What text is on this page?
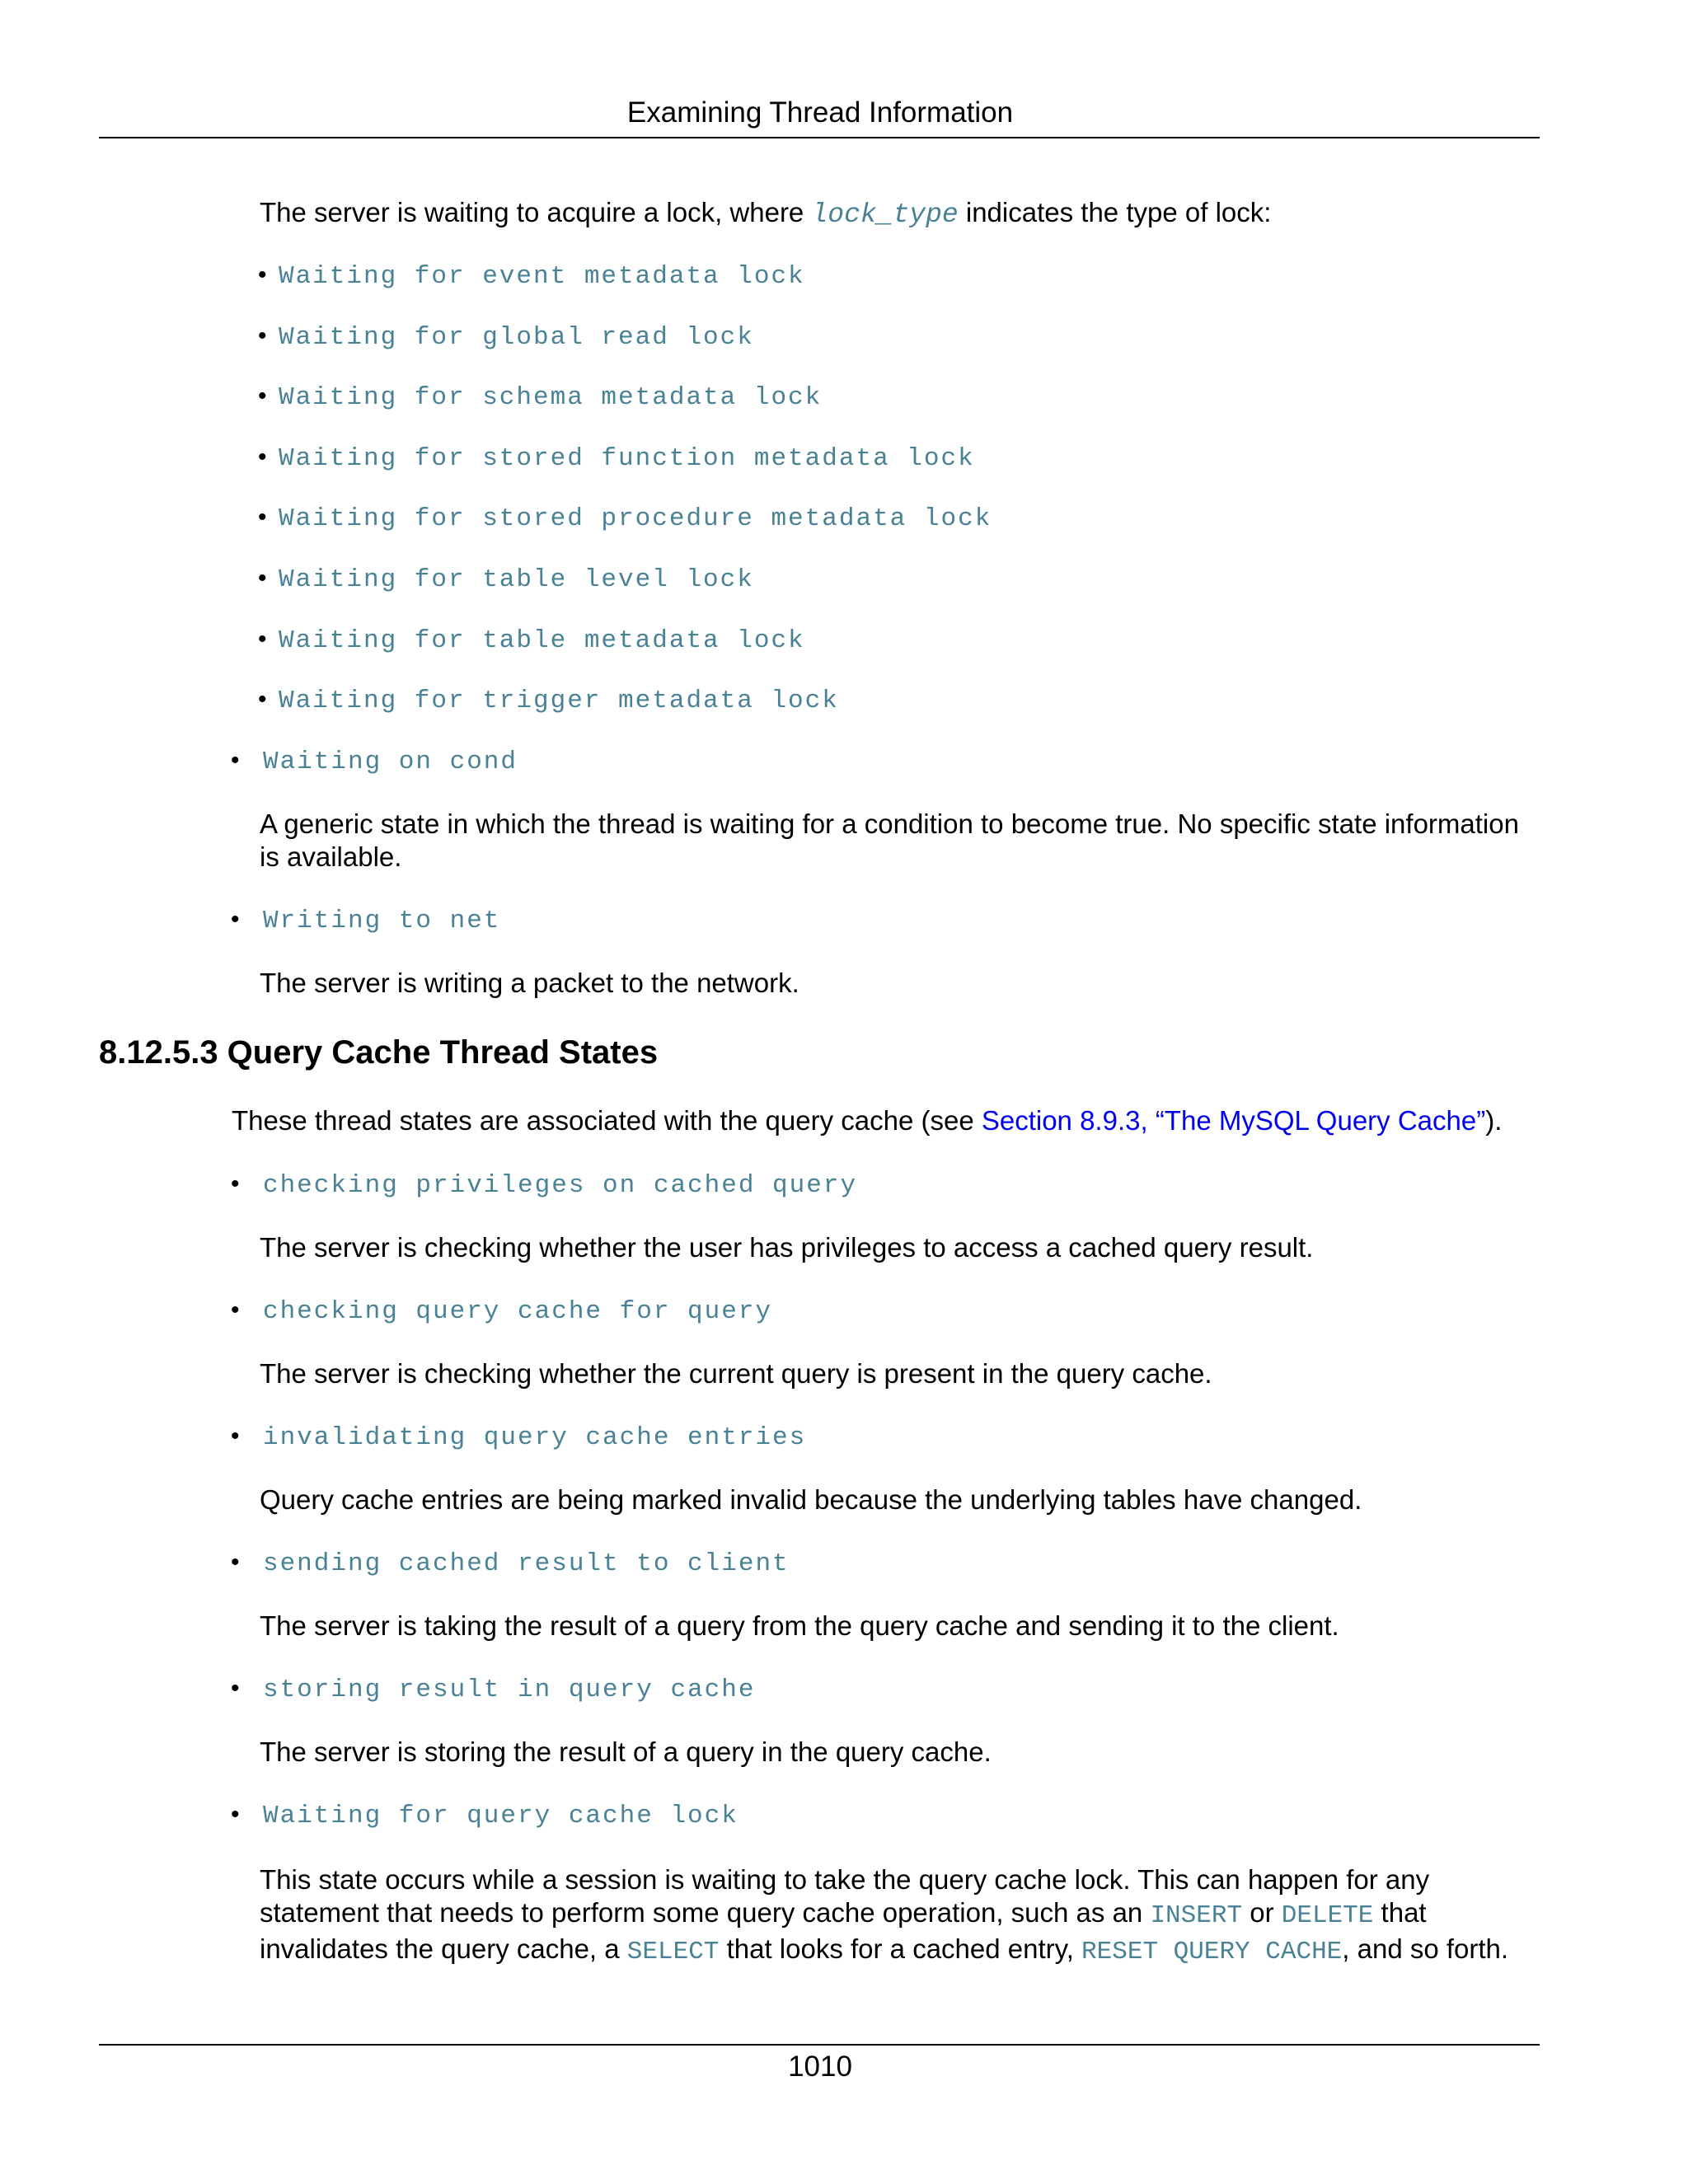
Examining Thread Information
The server is waiting to acquire a lock, where lock_type indicates the type of lock:
• Waiting for event metadata lock
• Waiting for global read lock
• Waiting for schema metadata lock
• Waiting for stored function metadata lock
• Waiting for stored procedure metadata lock
• Waiting for table level lock
• Waiting for table metadata lock
• Waiting for trigger metadata lock
• Waiting on cond
A generic state in which the thread is waiting for a condition to become true. No specific state information is available.
• Writing to net
The server is writing a packet to the network.
8.12.5.3 Query Cache Thread States
These thread states are associated with the query cache (see Section 8.9.3, “The MySQL Query Cache”).
• checking privileges on cached query
The server is checking whether the user has privileges to access a cached query result.
• checking query cache for query
The server is checking whether the current query is present in the query cache.
• invalidating query cache entries
Query cache entries are being marked invalid because the underlying tables have changed.
• sending cached result to client
The server is taking the result of a query from the query cache and sending it to the client.
• storing result in query cache
The server is storing the result of a query in the query cache.
• Waiting for query cache lock
This state occurs while a session is waiting to take the query cache lock. This can happen for any statement that needs to perform some query cache operation, such as an INSERT or DELETE that invalidates the query cache, a SELECT that looks for a cached entry, RESET QUERY CACHE, and so forth.
1010
